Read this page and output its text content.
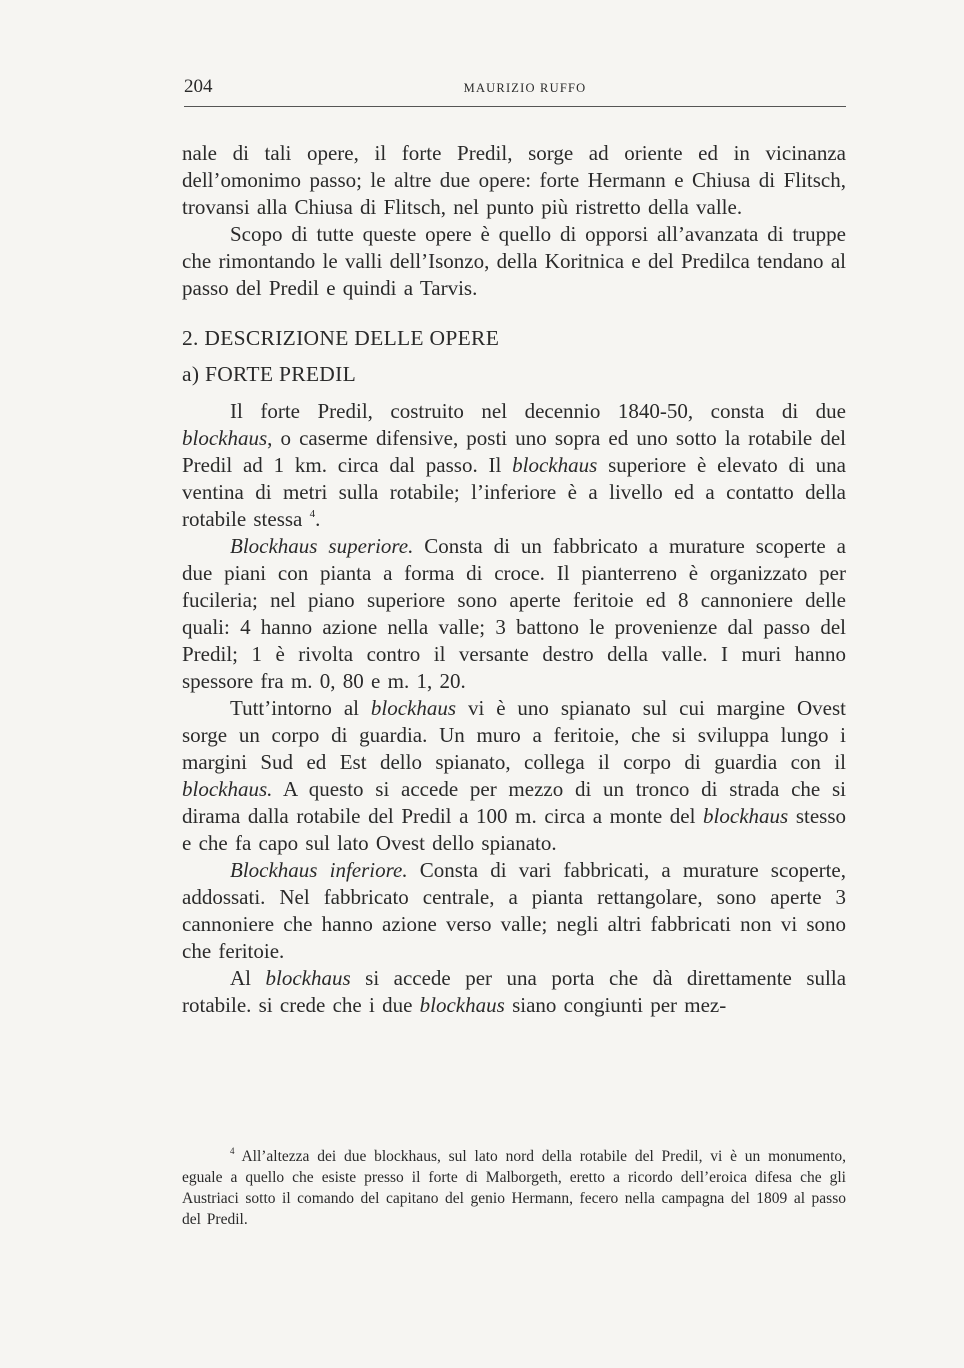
204	MAURIZIO RUFFO

nale di tali opere, il forte Predil, sorge ad oriente ed in vicinanza dell’omonimo passo; le altre due opere: forte Hermann e Chiusa di Flitsch, trovansi alla Chiusa di Flitsch, nel punto più ristretto della valle.

Scopo di tutte queste opere è quello di opporsi all’avanzata di truppe che rimontando le valli dell’Isonzo, della Koritnica e del Predilca tendano al passo del Predil e quindi a Tarvis.

2. DESCRIZIONE DELLE OPERE
a) FORTE PREDIL

Il forte Predil, costruito nel decennio 1840-50, consta di due blockhaus, o caserme difensive, posti uno sopra ed uno sotto la rotabile del Predil ad 1 km. circa dal passo. Il blockhaus superiore è elevato di una ventina di metri sulla rotabile; l’inferiore è a livello ed a contatto della rotabile stessa $^4$.

Blockhaus superiore. Consta di un fabbricato a murature scoperte a due piani con pianta a forma di croce. Il pianterreno è organizzato per fucileria; nel piano superiore sono aperte feritoie ed 8 cannoniere delle quali: 4 hanno azione nella valle; 3 battono le provenienze dal passo del Predil; 1 è rivolta contro il versante destro della valle. I muri hanno spessore fra m. 0, 80 e m. 1, 20.

Tutt’intorno al blockhaus vi è uno spianato sul cui margine Ovest sorge un corpo di guardia. Un muro a feritoie, che si sviluppa lungo i margini Sud ed Est dello spianato, collega il corpo di guardia con il blockhaus. A questo si accede per mezzo di un tronco di strada che si dirama dalla rotabile del Predil a 100 m. circa a monte del blockhaus stesso e che fa capo sul lato Ovest dello spianato.

Blockhaus inferiore. Consta di vari fabbricati, a murature scoperte, addossati. Nel fabbricato centrale, a pianta rettangolare, sono aperte 3 cannoniere che hanno azione verso valle; negli altri fabbricati non vi sono che feritoie.

Al blockhaus si accede per una porta che dà direttamente sulla rotabile. si crede che i due blockhaus siano congiunti per mez-

$^4$ All’altezza dei due blockhaus, sul lato nord della rotabile del Predil, vi è un monumento, eguale a quello che esiste presso il forte di Malborgeth, eretto a ricordo dell’eroica difesa che gli Austriaci sotto il comando del capitano del genio Hermann, fecero nella campagna del 1809 al passo del Predil.
